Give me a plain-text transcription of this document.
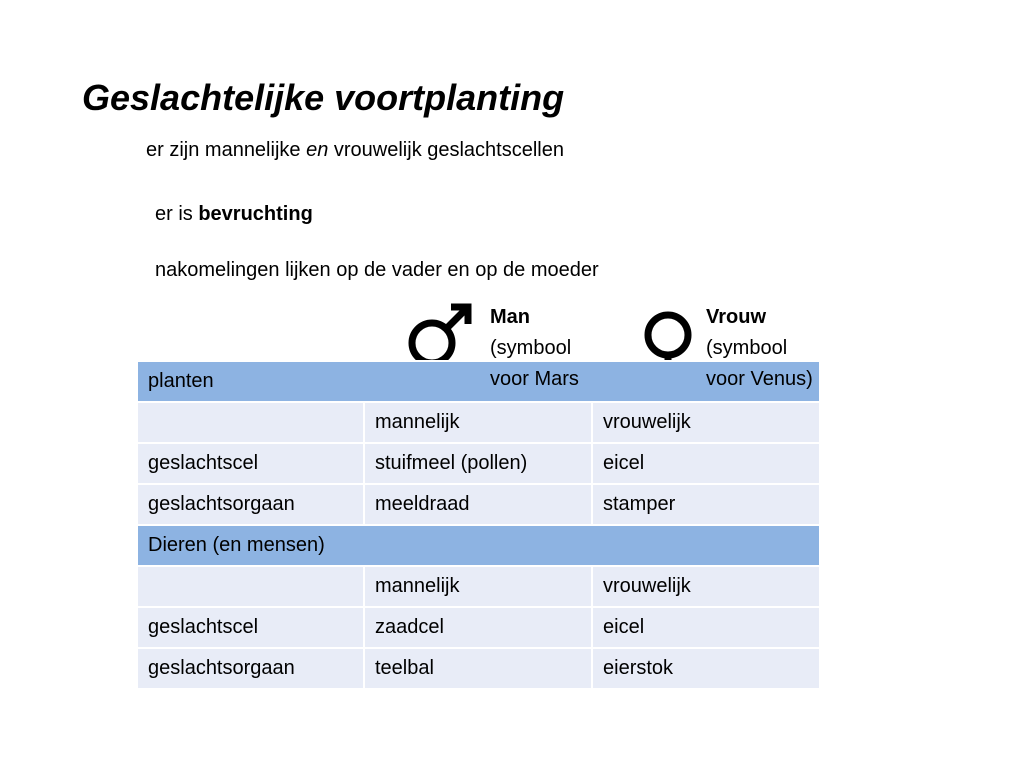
Geslachtelijke voortplanting
er zijn mannelijke en vrouwelijk geslachtscellen
er is bevruchting
nakomelingen lijken op de vader en op de moeder
Man
(symbool
voor Mars
Vrouw
(symbool
voor Venus)
planten		
	mannelijk	vrouwelijk
geslachtscel	stuifmeel (pollen)	eicel
geslachtsorgaan	meeldraad	stamper
Dieren (en mensen)		
	mannelijk	vrouwelijk
geslachtscel	zaadcel	eicel
geslachtsorgaan	teelbal	eierstok
